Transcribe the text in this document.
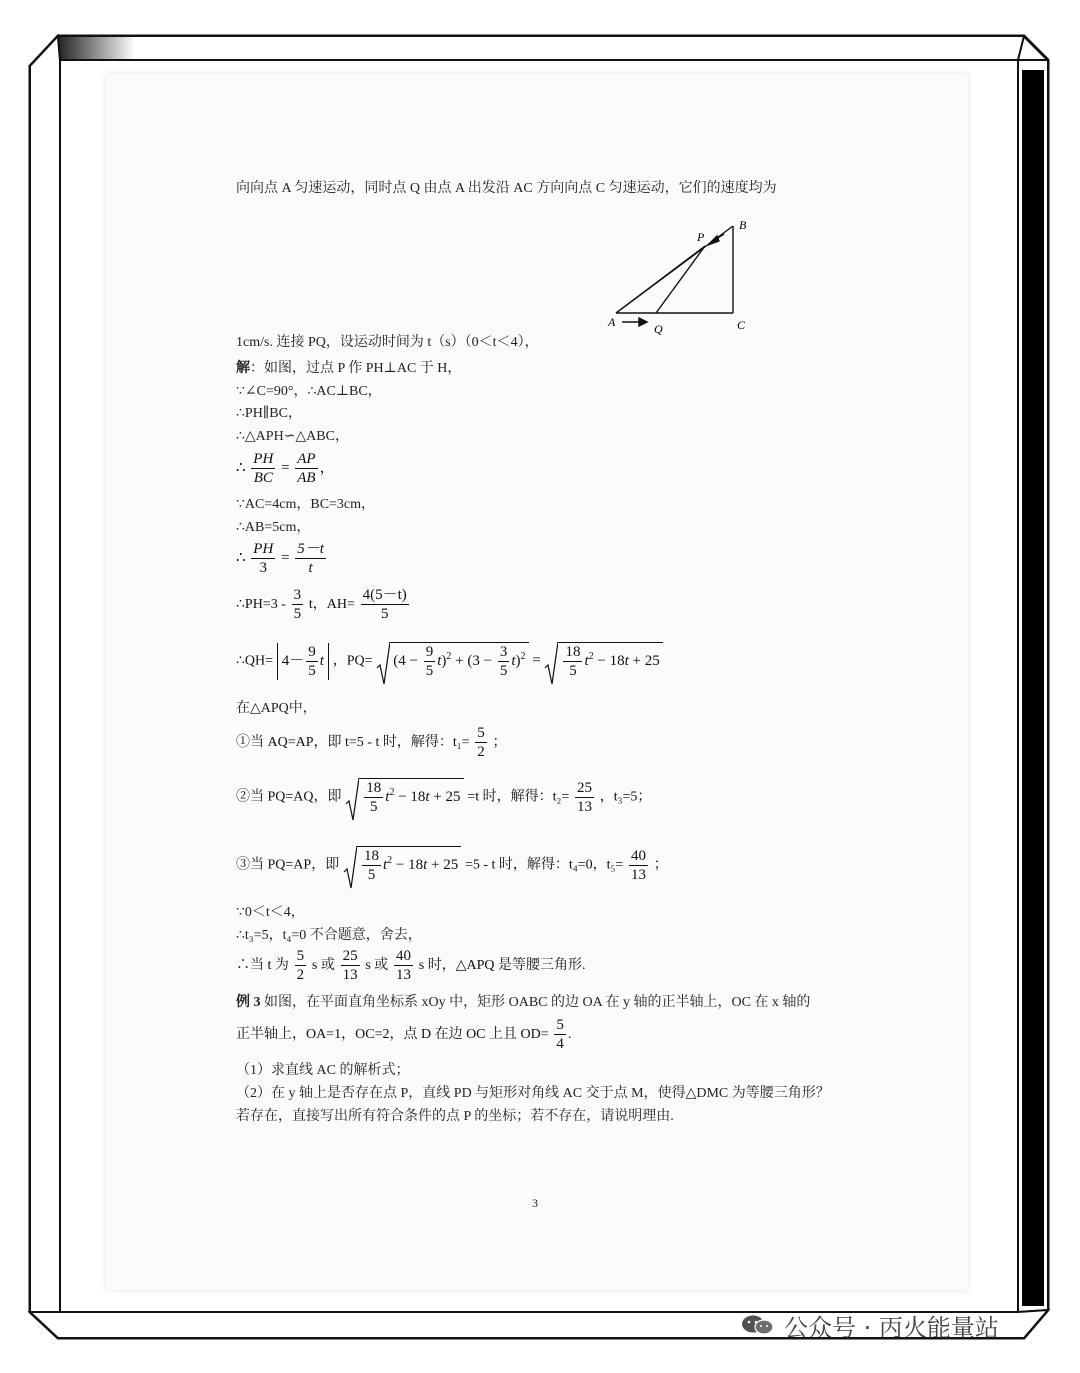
向向点 A 匀速运动，同时点 Q 由点 A 出发沿 AC 方向向点 C 匀速运动，它们的速度均为
A
B
C
P
Q
1cm/s. 连接 PQ，设运动时间为 t（s）（0＜t＜4），
解：如图，过点 P 作 PH⊥AC 于 H，
∵∠C=90°，∴AC⊥BC，
∴PH∥BC，
∴△APH∽△ABC，
∴ $\frac{PH}{BC} = \frac{AP}{AB}$ ，
∵AC=4cm，BC=3cm，
∴AB=5cm，
∴ $\frac{PH}{3} = \frac{5-t}{t}$
∴PH=3 - $\frac{3}{5}$ t，$AH= \frac{4(5-t)}{5}$
∴QH= $4- \frac{9}{5}$ t ，$PQ= (4 - \frac{9}{5} t)^2 + (3 - \frac{3}{5} t)^2 = \frac{18}{5} t^2 - 18t + 25$
在△APQ中，
①当 AQ=AP，即 t=5 - t 时，解得：$t_1= \frac{5}{2}$ ；
②当 PQ=AQ，即 $\frac{18}{5} t^2 - 18t + 25 =t$ 时，解得：$t_2= \frac{25}{13}$ ，t₃=5；
③当 PQ=AP，即 $\frac{18}{5} t^2 - 18t + 25 =5 - t$ 时，解得：t₄=0，$t_5= \frac{40}{13}$ ；
∵0＜t＜4，
∴t₃=5，t₄=0 不合题意，舍去，
∴当 t 为 $\frac{5}{2}$ s 或 $\frac{25}{13}$ s 或 $\frac{40}{13}$ s 时，△APQ 是等腰三角形.
例 3 如图，在平面直角坐标系 xOy 中，矩形 OABC 的边 OA 在 y 轴的正半轴上，OC 在 x 轴的
正半轴上，OA=1，OC=2，点 D 在边 OC 上且 $OD= \frac{5}{4}$ .
（1）求直线 AC 的解析式；
（2）在 y 轴上是否存在点 P，直线 PD 与矩形对角线 AC 交于点 M，使得△DMC 为等腰三角形？
若存在，直接写出所有符合条件的点 P 的坐标；若不存在，请说明理由.
3
公众号 · 丙火能量站
